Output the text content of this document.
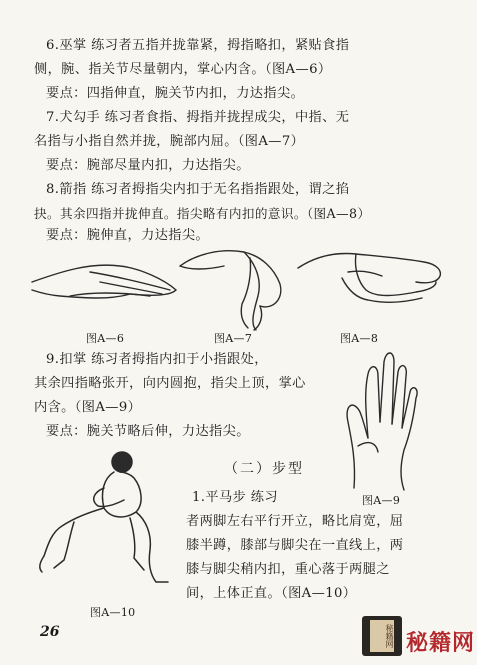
6.巫掌 练习者五指并拢靠紧，拇指略扣，紧贴食指
侧，腕、指关节尽量朝内，掌心内含。（图A—6）
要点：四指伸直，腕关节内扣，力达指尖。
7.犬勾手 练习者食指、拇指并拢捏成尖，中指、无
名指与小指自然并拢，腕部内屈。（图A—7）
要点：腕部尽量内扣，力达指尖。
8.箭指 练习者拇指尖内扣于无名指指跟处，谓之掐
抉。其余四指并拢伸直。指尖略有内扣的意识。（图A—8）
要点：腕伸直，力达指尖。
图A—6	图A—7	图A—8
9.扣掌 练习者拇指内扣于小指跟处，
其余四指略张开，向内圆抱，指尖上顶，掌心
内含。（图A—9）
要点：腕关节略后伸，力达指尖。
（二）步型
1.平马步 练习	图A—9
者两脚左右平行开立，略比肩宽，屈
膝半蹲，膝部与脚尖在一直线上，两
膝与脚尖稍内扣，重心落于两腿之
间，上体正直。（图A—10）
图A—10
26	秘籍网 秘籍网
